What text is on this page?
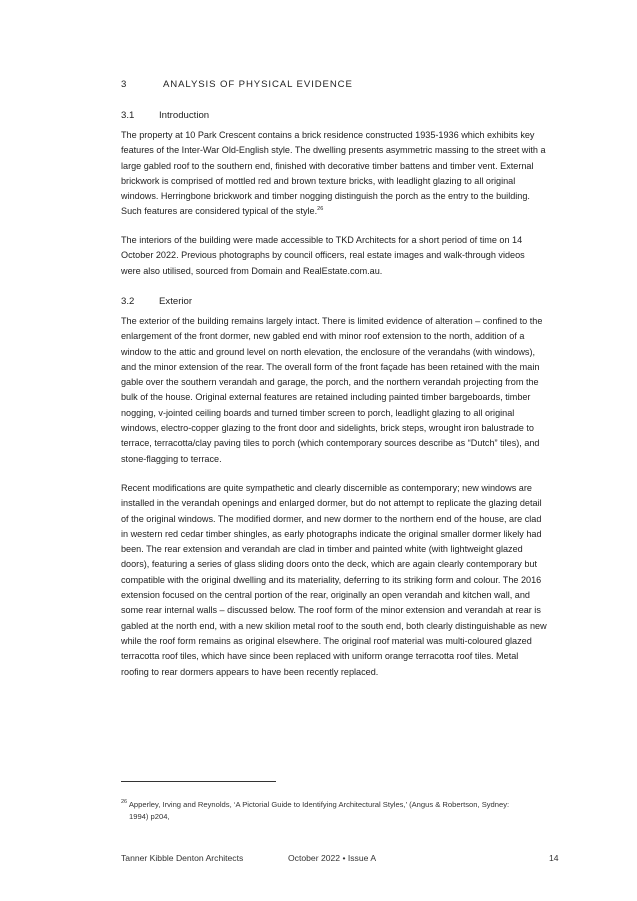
3	ANALYSIS OF PHYSICAL EVIDENCE
3.1	Introduction
The property at 10 Park Crescent contains a brick residence constructed 1935-1936 which exhibits key
features of the Inter-War Old-English style. The dwelling presents asymmetric massing to the street with a
large gabled roof to the southern end, finished with decorative timber battens and timber vent. External
brickwork is comprised of mottled red and brown texture bricks, with leadlight glazing to all original
windows. Herringbone brickwork and timber nogging distinguish the porch as the entry to the building.
Such features are considered typical of the style.$^{26}$
The interiors of the building were made accessible to TKD Architects for a short period of time on 14
October 2022. Previous photographs by council officers, real estate images and walk-through videos
were also utilised, sourced from Domain and RealEstate.com.au.
3.2	Exterior
The exterior of the building remains largely intact. There is limited evidence of alteration – confined to the
enlargement of the front dormer, new gabled end with minor roof extension to the north, addition of a
window to the attic and ground level on north elevation, the enclosure of the verandahs (with windows),
and the minor extension of the rear. The overall form of the front façade has been retained with the main
gable over the southern verandah and garage, the porch, and the northern verandah projecting from the
bulk of the house. Original external features are retained including painted timber bargeboards, timber
nogging, v-jointed ceiling boards and turned timber screen to porch, leadlight glazing to all original
windows, electro-copper glazing to the front door and sidelights, brick steps, wrought iron balustrade to
terrace, terracotta/clay paving tiles to porch (which contemporary sources describe as “Dutch” tiles), and
stone-flagging to terrace.
Recent modifications are quite sympathetic and clearly discernible as contemporary; new windows are
installed in the verandah openings and enlarged dormer, but do not attempt to replicate the glazing detail
of the original windows. The modified dormer, and new dormer to the northern end of the house, are clad
in western red cedar timber shingles, as early photographs indicate the original smaller dormer likely had
been. The rear extension and verandah are clad in timber and painted white (with lightweight glazed
doors), featuring a series of glass sliding doors onto the deck, which are again clearly contemporary but
compatible with the original dwelling and its materiality, deferring to its striking form and colour. The 2016
extension focused on the central portion of the rear, originally an open verandah and kitchen wall, and
some rear internal walls – discussed below. The roof form of the minor extension and verandah at rear is
gabled at the north end, with a new skilion metal roof to the south end, both clearly distinguishable as new
while the roof form remains as original elsewhere. The original roof material was multi-coloured glazed
terracotta roof tiles, which have since been replaced with uniform orange terracotta roof tiles. Metal
roofing to rear dormers appears to have been recently replaced.
$^{26}$ Apperley, Irving and Reynolds, ‘A Pictorial Guide to Identifying Architectural Styles,’ (Angus & Robertson, Sydney:
1994) p204,
Tanner Kibble Denton Architects	October 2022 • Issue A	14
